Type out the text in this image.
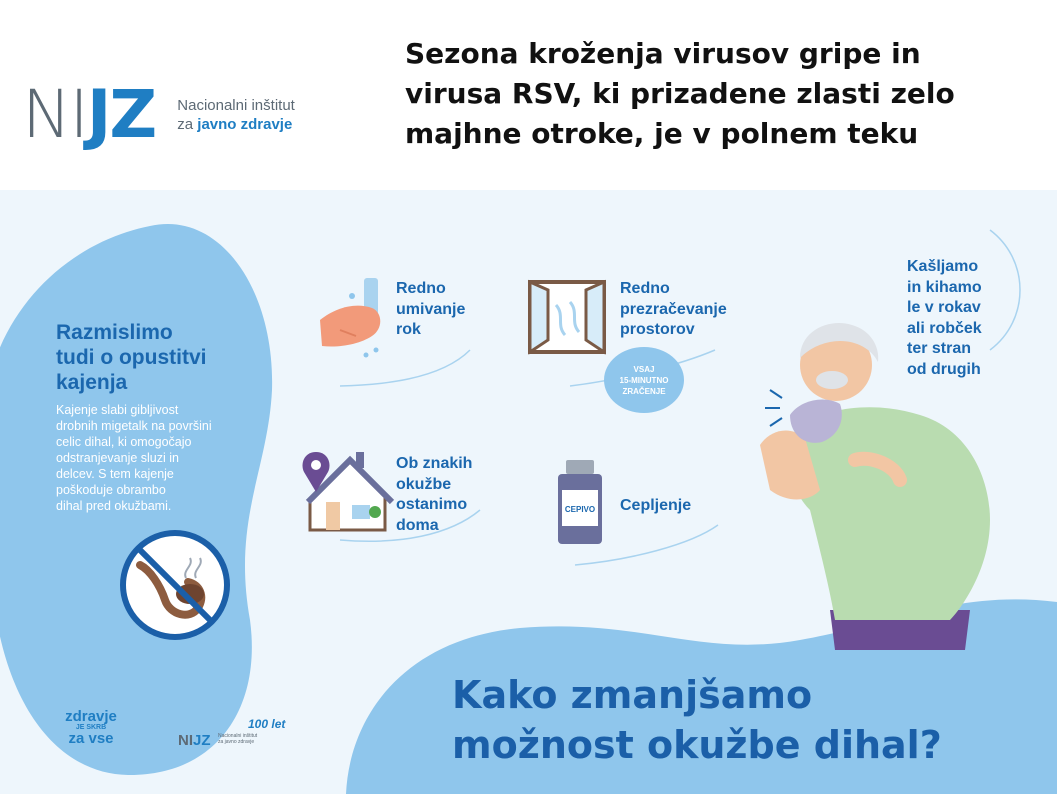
NIJZ Nacionalni inštitut
za javno zdravje
Sezona kroženja virusov gripe in
virusa RSV, ki prizadene zlasti zelo
majhne otroke, je v polnem teku
CEPIVO
Razmislimo
tudi o opustitvi
kajenja
Kajenje slabi gibljivost
drobnih migetalk na površini
celic dihal, ki omogočajo
odstranjevanje sluzi in
delcev. S tem kajenje
poškoduje obrambo
dihal pred okužbami.
Redno
umivanje
rok
Redno
prezračevanje
prostorov
VSAJ
15-MINUTNO
ZRAČENJE
Ob znakih
okužbe
ostanimo
doma
Cepljenje
Kašljamo
in kihamo
le v rokav
ali robček
ter stran
od drugih
Kako zmanjšamo
možnost okužbe dihal?
zdravje
JE SKRB
za vse	NIJZ Nacionalni inštitut
za javno zdravje
100 let
